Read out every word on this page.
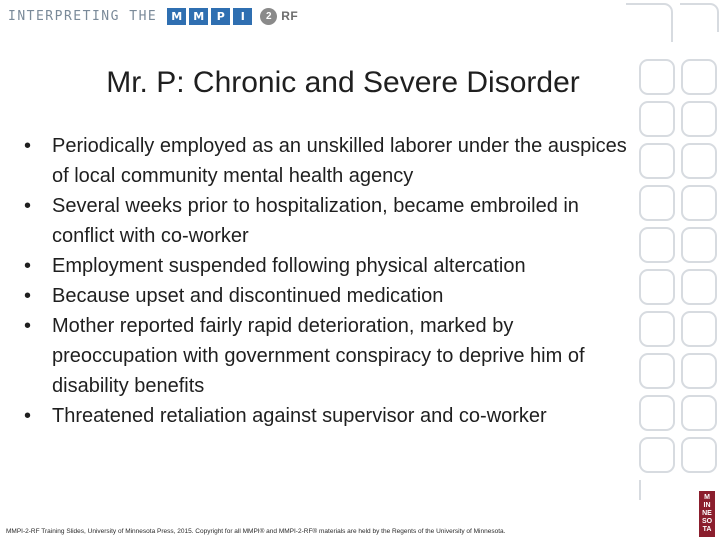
INTERPRETING THE	M	M	P	I	2 RF
Mr. P: Chronic and Severe Disorder
• Periodically employed as an unskilled laborer under the auspices of local community mental health agency
• Several weeks prior to hospitalization, became embroiled in conflict with co-worker
• Employment suspended following physical altercation
• Because upset and discontinued medication
• Mother reported fairly rapid deterioration, marked by preoccupation with government conspiracy to deprive him of disability benefits
• Threatened retaliation against supervisor and co-worker
MMPI-2-RF Training Slides, University of Minnesota Press, 2015. Copyright for all MMPI® and MMPI-2-RF® materials are held by the Regents of the University of Minnesota.
M
IN
NE
SO
TA
